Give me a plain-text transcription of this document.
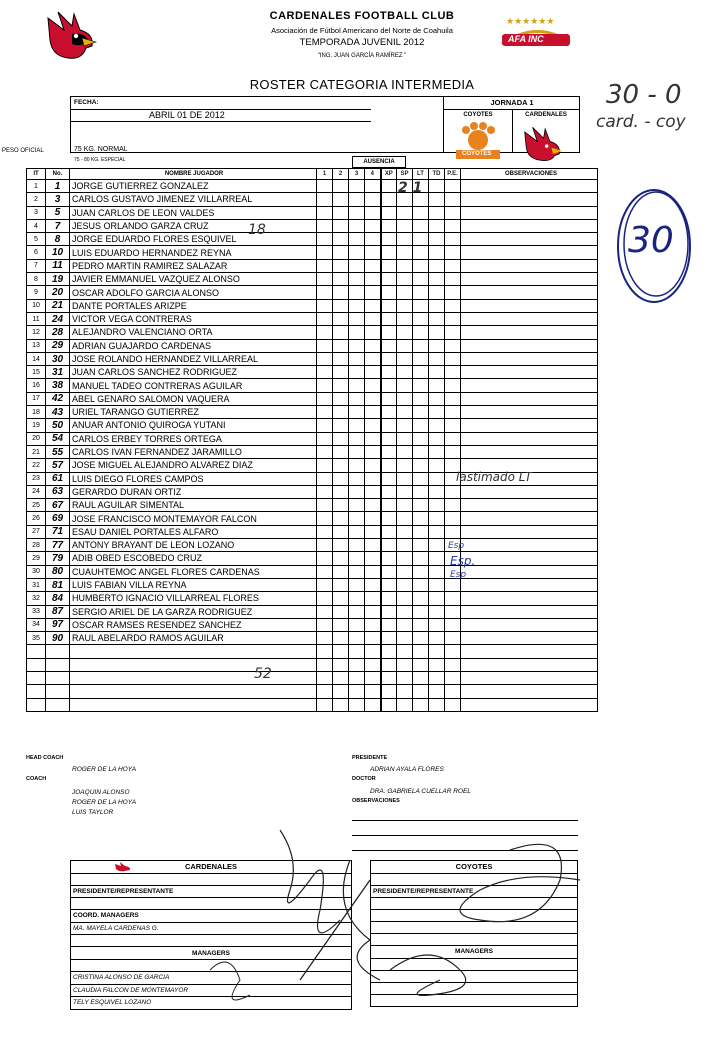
CARDENALES FOOTBALL CLUB
Asociación de Fútbol Americano del Norte de Coahuila
TEMPORADA JUVENIL 2012
"ING. JUAN GARCÍA RAMÍREZ "
★★★★★★
AFA INC
ROSTER CATEGORIA INTERMEDIA	30 - 0
card. - coy
30
FECHA:
ABRIL 01 DE 2012
JORNADA 1
COYOTES	CARDENALES
COYOTES
PESO OFICIAL	75 KG. NORMAL
75 - 80 KG. ESPECIAL	AUSENCIA
IT	No.	NOMBRE JUGADOR	1	2	3	4	XP	SP	LT	TD	P.E.	OBSERVACIONES
1	1	JORGE GUTIERREZ GONZALEZ										
2	3	CARLOS GUSTAVO JIMENEZ VILLARREAL										
3	5	JUAN CARLOS DE LEON VALDES										
4	7	JESUS ORLANDO GARZA CRUZ										
5	8	JORGE EDUARDO FLORES ESQUIVEL										
6	10	LUIS EDUARDO HERNANDEZ REYNA										
7	11	PEDRO MARTIN RAMIREZ SALAZAR										
8	19	JAVIER EMMANUEL VAZQUEZ ALONSO										
9	20	OSCAR ADOLFO GARCIA ALONSO										
10	21	DANTE PORTALES ARIZPE										
11	24	VICTOR VEGA CONTRERAS										
12	28	ALEJANDRO VALENCIANO ORTA										
13	29	ADRIAN GUAJARDO CARDENAS										
14	30	JOSE ROLANDO HERNANDEZ VILLARREAL										
15	31	JUAN CARLOS SANCHEZ RODRIGUEZ										
16	38	MANUEL TADEO CONTRERAS AGUILAR										
17	42	ABEL GENARO SALOMON VAQUERA										
18	43	URIEL TARANGO GUTIERREZ										
19	50	ANUAR ANTONIO QUIROGA YUTANI										
20	54	CARLOS ERBEY TORRES ORTEGA										
21	55	CARLOS IVAN FERNANDEZ JARAMILLO										
22	57	JOSE MIGUEL ALEJANDRO ALVAREZ DIAZ										
23	61	LUIS DIEGO FLORES CAMPOS										
24	63	GERARDO DURAN ORTIZ										
25	67	RAUL AGUILAR SIMENTAL										
26	69	JOSE FRANCISCO MONTEMAYOR FALCON										
27	71	ESAU DANIEL PORTALES ALFARO										
28	77	ANTONY BRAYANT DE LEON LOZANO										
29	79	ADIB OBED ESCOBEDO CRUZ										
30	80	CUAUHTEMOC ANGEL FLORES CARDENAS										
31	81	LUIS FABIAN VILLA REYNA										
32	84	HUMBERTO IGNACIO VILLARREAL FLORES										
33	87	SERGIO ARIEL DE LA GARZA RODRIGUEZ										
34	97	OSCAR RAMSES RESENDEZ SANCHEZ										
35	90	RAUL ABELARDO RAMOS AGUILAR										

2 1
18
52
lastimado LT
Esp
Esp.
Esp
HEAD COACH
ROGER DE LA HOYA
COACH
JOAQUIN ALONSO
ROGER DE LA HOYA
LUIS TAYLOR
PRESIDENTE
ADRIAN AYALA FLORES
DOCTOR
DRA. GABRIELA CUELLAR ROEL
OBSERVACIONES
CARDENALES

PRESIDENTE/REPRESENTANTE

COORD. MANAGERS
MA. MAYELA CARDENAS G.

MANAGERS

CRISTINA ALONSO DE GARCIA
CLAUDIA FALCON DE MONTEMAYOR
TELY ESQUIVEL LOZANO
COYOTES

PRESIDENTE/REPRESENTANTE

MANAGERS
